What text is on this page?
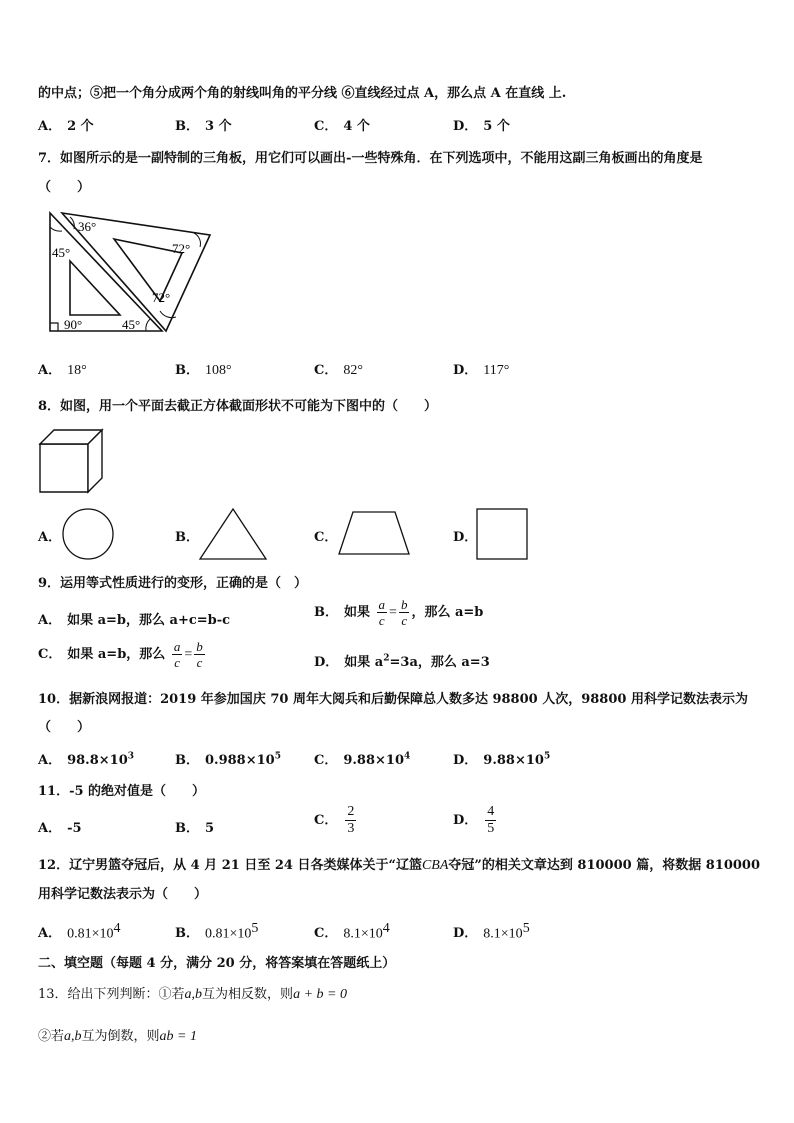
的中点；⑤把一个角分成两个角的射线叫角的平分线 ⑥直线经过点 A，那么点 A 在直线 上.
A． 2 个	B． 3 个	C． 4 个	D． 5 个
7．如图所示的是一副特制的三角板，用它们可以画出-一些特殊角．在下列选项中，不能用这副三角板画出的角度是
（　　）
36°
45°	72°
72°
90°	45°
A． 18°	B． 108°	C． 82°	D． 117°
8．如图，用一个平面去截正方体截面形状不可能为下图中的（　　）
A．	B．	C．	D．
9．运用等式性质进行的变形，正确的是（　）
A． 如果 a=b，那么 a+c=b-c
B． 如果 $\frac{a}{c} = \frac{b}{c}$ ，那么 a=b
C． 如果 a=b，那么 $\frac{a}{c} = \frac{b}{c}$	D． 如果 $a^2=3a$，那么 a=3
10．据新浪网报道：2019 年参加国庆 70 周年大阅兵和后勤保障总人数多达 98800 人次，98800 用科学记数法表示为
（　　）
A． $98.8\times 10^3$	B． $0.988\times 10^5$	C． $9.88\times 10^4$	D． $9.88\times 10^5$
11．-5 的绝对值是（　　）
A． -5	B． 5
C． $\frac{2}{3}$	D． $\frac{4}{5}$
12．辽宁男篮夺冠后，从 4 月 21 日至 24 日各类媒体关于“辽篮CBA夺冠”的相关文章达到 810000 篇，将数据 810000
用科学记数法表示为（　　）
A． $0.81\times 10^4$	B． $0.81\times 10^5$	C． $8.1\times 10^4$	D． $8.1\times 10^5$
二、填空题（每题 4 分，满分 20 分，将答案填在答题纸上）
13．给出下列判断：①若a,b互为相反数，则a + b = 0
②若a,b互为倒数，则ab = 1
